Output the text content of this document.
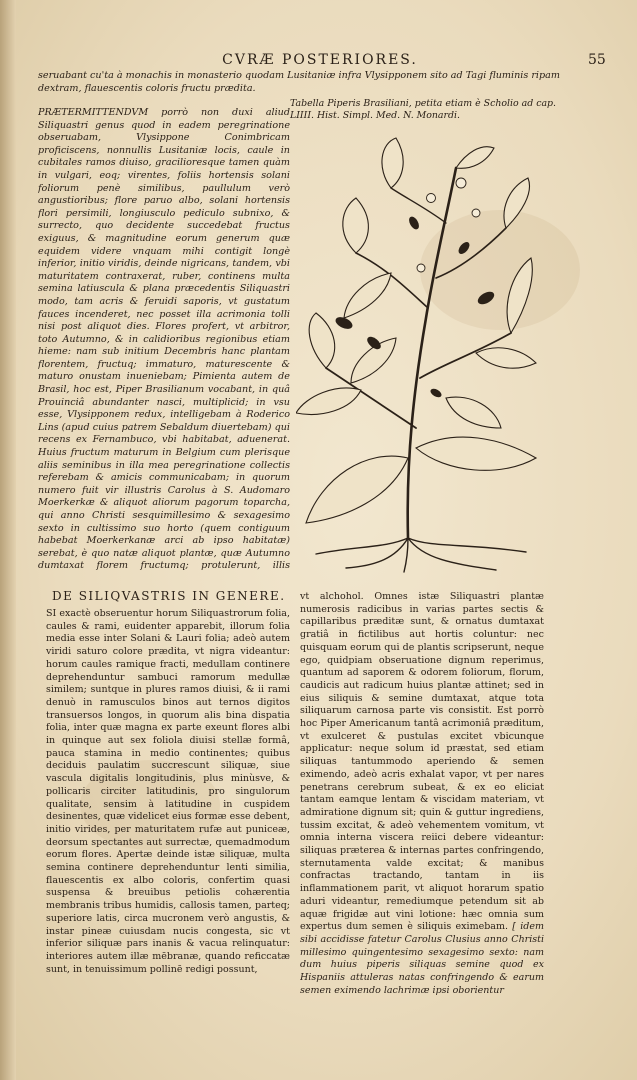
CVRÆ POSTERIORES.	55
seruabant cu'ta à monachis in monasterio quodam Lusitaniæ infra Vlysipponem sito ad Tagi fluminis ripam dextram, flauescentis coloris fructu prædita.
Tabella Piperis Brasiliani, petita etiam è Scholio ad cap. LIIII. Hist. Simpl. Med. N. Monardi.
PRÆTERMITTENDVM porrò non duxi aliud Siliquastri genus quod in eadem peregrinatione obseruabam, Vlysippone Conimbricam proficiscens, nonnullis Lusitaniæ locis, caule in cubitales ramos diuiso, gracilioresque tamen quàm in vulgari, eoq; virentes, foliis hortensis solani foliorum penè similibus, paullulum verò angustioribus; flore paruo albo, solani hortensis flori persimili, longiusculo pediculo subnixo, & surrecto, quo decidente succedebat fructus exiguus, & magnitudine eorum generum quæ equidem videre vnquam mihi contigit longè inferior, initio viridis, deinde nigricans, tandem, vbi maturitatem contraxerat, ruber, continens multa semina latiuscula & plana præcedentis Siliquastri modo, tam acris & feruidi saporis, vt gustatum fauces incenderet, nec posset illa acrimonia tolli nisi post aliquot dies. Flores profert, vt arbitror, toto Autumno, & in calidioribus regionibus etiam hieme: nam sub initium Decembris hanc plantam florentem, fructuq; immaturo, maturescente & maturo onustam inueniebam; Pimienta autem de Brasil, hoc est, Piper Brasilianum vocabant, in quâ Prouinciâ abundanter nasci, multiplicid; in vsu esse, Vlysipponem redux, intelligebam à Roderico Lins (apud cuius patrem Sebaldum diuertebam) qui recens ex Fernambuco, vbi habitabat, aduenerat. Huius fructum maturum in Belgium cum plerisque aliis seminibus in illa mea peregrinatione collectis referebam & amicis communicabam; in quorum numero fuit vir illustris Carolus à S. Audomaro Moerkerkæ & aliquot aliorum pagorum toparcha, qui anno Christi sesquimillesimo & sexagesimo sexto in cultissimo suo horto (quem contiguum habebat Moerkerkanæ arci ab ipso habitatæ) serebat, è quo natæ aliquot plantæ, quæ Autumno dumtaxat florem fructumq; protulerunt, illis
DE SILIQVASTRIS IN GENERE.
SI exactè obseruentur horum Siliquastrorum folia, caules & rami, euidenter apparebit, illorum folia media esse inter Solani & Lauri folia; adeò autem viridi saturo colore prædita, vt nigra videantur: horum caules ramique fracti, medullam continere deprehenduntur sambuci ramorum medullæ similem; suntque in plures ramos diuisi, & ii rami denuò in ramusculos binos aut ternos digitos transuersos longos, in quorum alis bina dispatia folia, inter quæ magna ex parte exeunt flores albi in quinque aut sex foliola diuisi stellæ formâ, pauca stamina in medio continentes; quibus deciduis paulatim succrescunt siliquæ, siue vascula digitalis longitudinis, plus minùsve, & pollicaris circiter latitudinis, pro singulorum qualitate, sensim à latitudine in cuspidem desinentes, quæ videlicet eius formæ esse debent, initio virides, per maturitatem rufæ aut puniceæ, deorsum spectantes aut surrectæ, quemadmodum eorum flores. Apertæ deinde istæ siliquæ, multa semina continere deprehenduntur lenti similia, flauescentis ex albo coloris, confertim quasi suspensa & breuibus petiolis cohærentia membranis tribus humidis, callosis tamen, parteq; superiore latis, circa mucronem verò angustis, & instar pineæ cuiusdam nucis congesta, sic vt inferior siliquæ pars inanis & vacua relinquatur: interiores autem illæ mēbranæ, quando reficcatæ sunt, in tenuissimum pollinē redigi possunt,
vt alchohol. Omnes istæ Siliquastri plantæ numerosis radicibus in varias partes sectis & capillaribus præditæ sunt, & ornatus dumtaxat gratiâ in fictilibus aut hortis coluntur: nec quisquam eorum qui de plantis scripserunt, neque ego, quidpiam obseruatione dignum reperimus, quantum ad saporem & odorem foliorum, florum, caudicis aut radicum huius plantæ attinet; sed in eius siliquis & semine dumtaxat, atque tota siliquarum carnosa parte vis consistit. Est porrò hoc Piper Americanum tantâ acrimoniâ præditum, vt exulceret & pustulas excitet vbicunque applicatur: neque solum id præstat, sed etiam siliquas tantummodo aperiendo & semen eximendo, adeò acris exhalat vapor, vt per nares penetrans cerebrum subeat, & ex eo eliciat tantam eamque lentam & viscidam materiam, vt admiratione dignum sit; quin & guttur ingrediens, tussim excitat, & adeò vehementem vomitum, vt omnia interna viscera reiici debere videantur: siliquas præterea & internas partes confringendo, sternutamenta valde excitat; & manibus confractas tractando, tantam in iis inflammationem parit, vt aliquot horarum spatio aduri videantur, remediumque petendum sit ab aquæ frigidæ aut vini lotione: hæc omnia sum expertus dum semen è siliquis eximebam. [ idem sibi accidisse fatetur Carolus Clusius anno Christi millesimo quingentesimo sexagesimo sexto: nam dum huius piperis siliquas semine quod ex Hispaniis attuleras natas confringendo & earum semen eximendo lachrimæ ipsi oborientur
